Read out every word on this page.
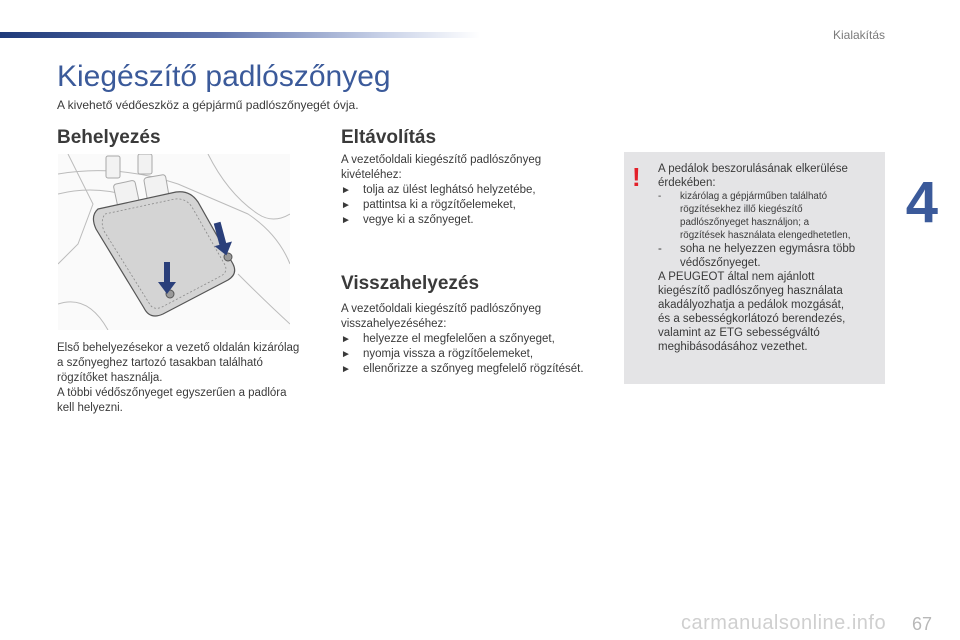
Kialakítás
4
Kiegészítő padlószőnyeg
A kivehető védőeszköz a gépjármű padlószőnyegét óvja.
Behelyezés
Első behelyezésekor a vezető oldalán kizárólag
a szőnyeghez tartozó tasakban található
rögzítőket használja.
A többi védőszőnyeget egyszerűen a padlóra
kell helyezni.
Eltávolítás
A vezetőoldali kiegészítő padlószőnyeg
kivételéhez:
► tolja az ülést leghátsó helyzetébe,
► pattintsa ki a rögzítőelemeket,
► vegye ki a szőnyeget.
Visszahelyezés
A vezetőoldali kiegészítő padlószőnyeg
visszahelyezéséhez:
► helyezze el megfelelően a szőnyeget,
► nyomja vissza a rögzítőelemeket,
► ellenőrizze a szőnyeg megfelelő rögzítését.
! A pedálok beszorulásának elkerülése
érdekében:
- kizárólag a gépjárműben található
rögzítésekhez illő kiegészítő
padlószőnyeget használjon; a
rögzítések használata elengedhetetlen,
- soha ne helyezzen egymásra több
védőszőnyeget.
A PEUGEOT által nem ajánlott
kiegészítő padlószőnyeg használata
akadályozhatja a pedálok mozgását,
és a sebességkorlátozó berendezés,
valamint az ETG sebességváltó
meghibásodásához vezethet.
carmanualsonline.info 67
